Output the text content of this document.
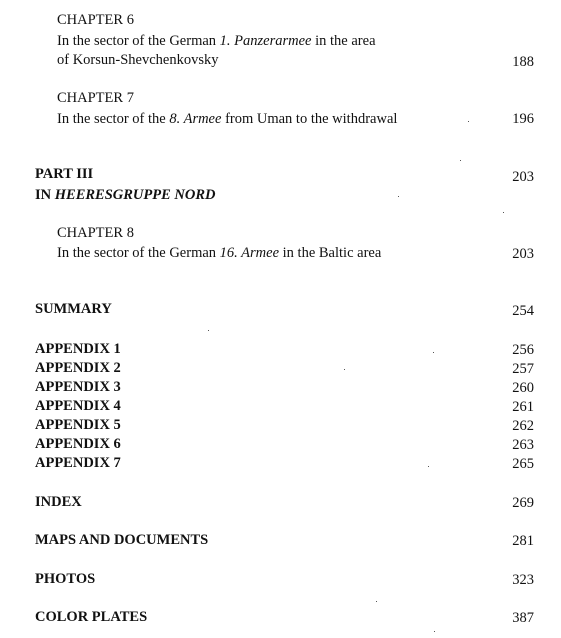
CHAPTER 6
In the sector of the German 1. Panzerarmee in the area
of Korsun-Shevchenkovsky	188
CHAPTER 7
In the sector of the 8. Armee from Uman to the withdrawal	196
PART III	203
IN HEERESGRUPPE NORD
CHAPTER 8
In the sector of the German 16. Armee in the Baltic area	203
SUMMARY	254
APPENDIX 1	256
APPENDIX 2	257
APPENDIX 3	260
APPENDIX 4	261
APPENDIX 5	262
APPENDIX 6	263
APPENDIX 7	265
INDEX	269
MAPS AND DOCUMENTS	281
PHOTOS	323
COLOR PLATES	387
